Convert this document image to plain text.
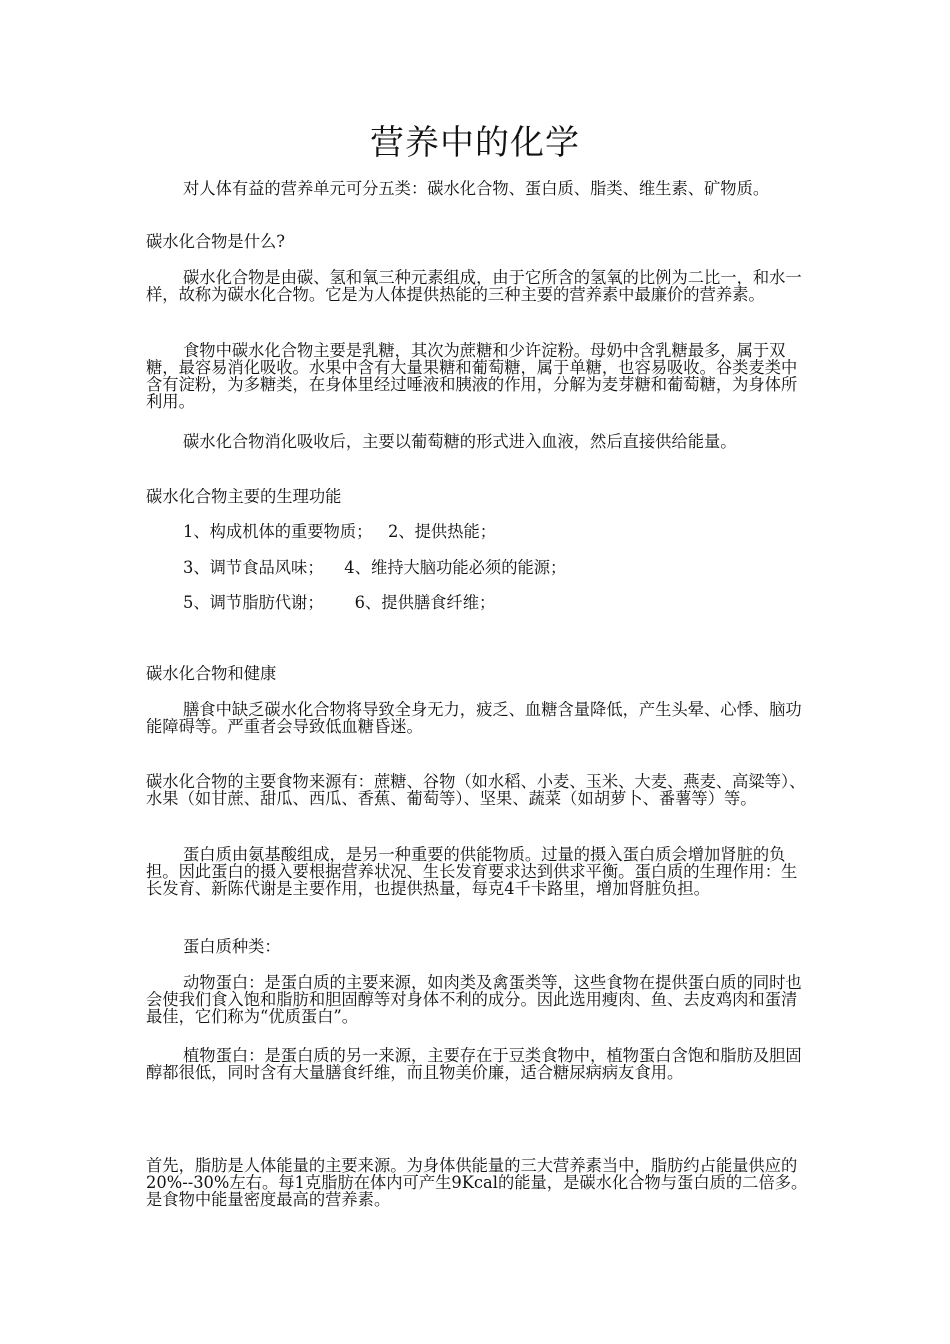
营养中的化学

对人体有益的营养单元可分五类：碳水化合物、蛋白质、脂类、维生素、矿物质。

碳水化合物是什么?

碳水化合物是由碳、氢和氧三种元素组成，由于它所含的氢氧的比例为二比一，和水一样，故称为碳水化合物。它是为人体提供热能的三种主要的营养素中最廉价的营养素。

食物中碳水化合物主要是乳糖，其次为蔗糖和少许淀粉。母奶中含乳糖最多，属于双糖，最容易消化吸收。水果中含有大量果糖和葡萄糖，属于单糖，也容易吸收。谷类麦类中含有淀粉，为多糖类，在身体里经过唾液和胰液的作用，分解为麦芽糖和葡萄糖，为身体所利用。

碳水化合物消化吸收后，主要以葡萄糖的形式进入血液，然后直接供给能量。

碳水化合物主要的生理功能

1、构成机体的重要物质；   2、提供热能；

3、调节食品风味；    4、维持大脑功能必须的能源；

5、调节脂肪代谢；      6、提供膳食纤维；

碳水化合物和健康

膳食中缺乏碳水化合物将导致全身无力，疲乏、血糖含量降低，产生头晕、心悸、脑功能障碍等。严重者会导致低血糖昏迷。

碳水化合物的主要食物来源有：蔗糖、谷物（如水稻、小麦、玉米、大麦、燕麦、高粱等）、水果（如甘蔗、甜瓜、西瓜、香蕉、葡萄等）、坚果、蔬菜（如胡萝卜、番薯等）等。

蛋白质由氨基酸组成，是另一种重要的供能物质。过量的摄入蛋白质会增加肾脏的负担。因此蛋白的摄入要根据营养状况、生长发育要求达到供求平衡。蛋白质的生理作用：生长发育、新陈代谢是主要作用，也提供热量，每克4千卡路里，增加肾脏负担。

蛋白质种类：

动物蛋白：是蛋白质的主要来源，如肉类及禽蛋类等，这些食物在提供蛋白质的同时也会使我们食入饱和脂肪和胆固醇等对身体不利的成分。因此选用瘦肉、鱼、去皮鸡肉和蛋清最佳，它们称为“优质蛋白”。

植物蛋白：是蛋白质的另一来源，主要存在于豆类食物中，植物蛋白含饱和脂肪及胆固醇都很低，同时含有大量膳食纤维，而且物美价廉，适合糖尿病病友食用。

首先，脂肪是人体能量的主要来源。为身体供能量的三大营养素当中，脂肪约占能量供应的20%--30%左右。每1克脂肪在体内可产生9Kcal的能量，是碳水化合物与蛋白质的二倍多。是食物中能量密度最高的营养素。
